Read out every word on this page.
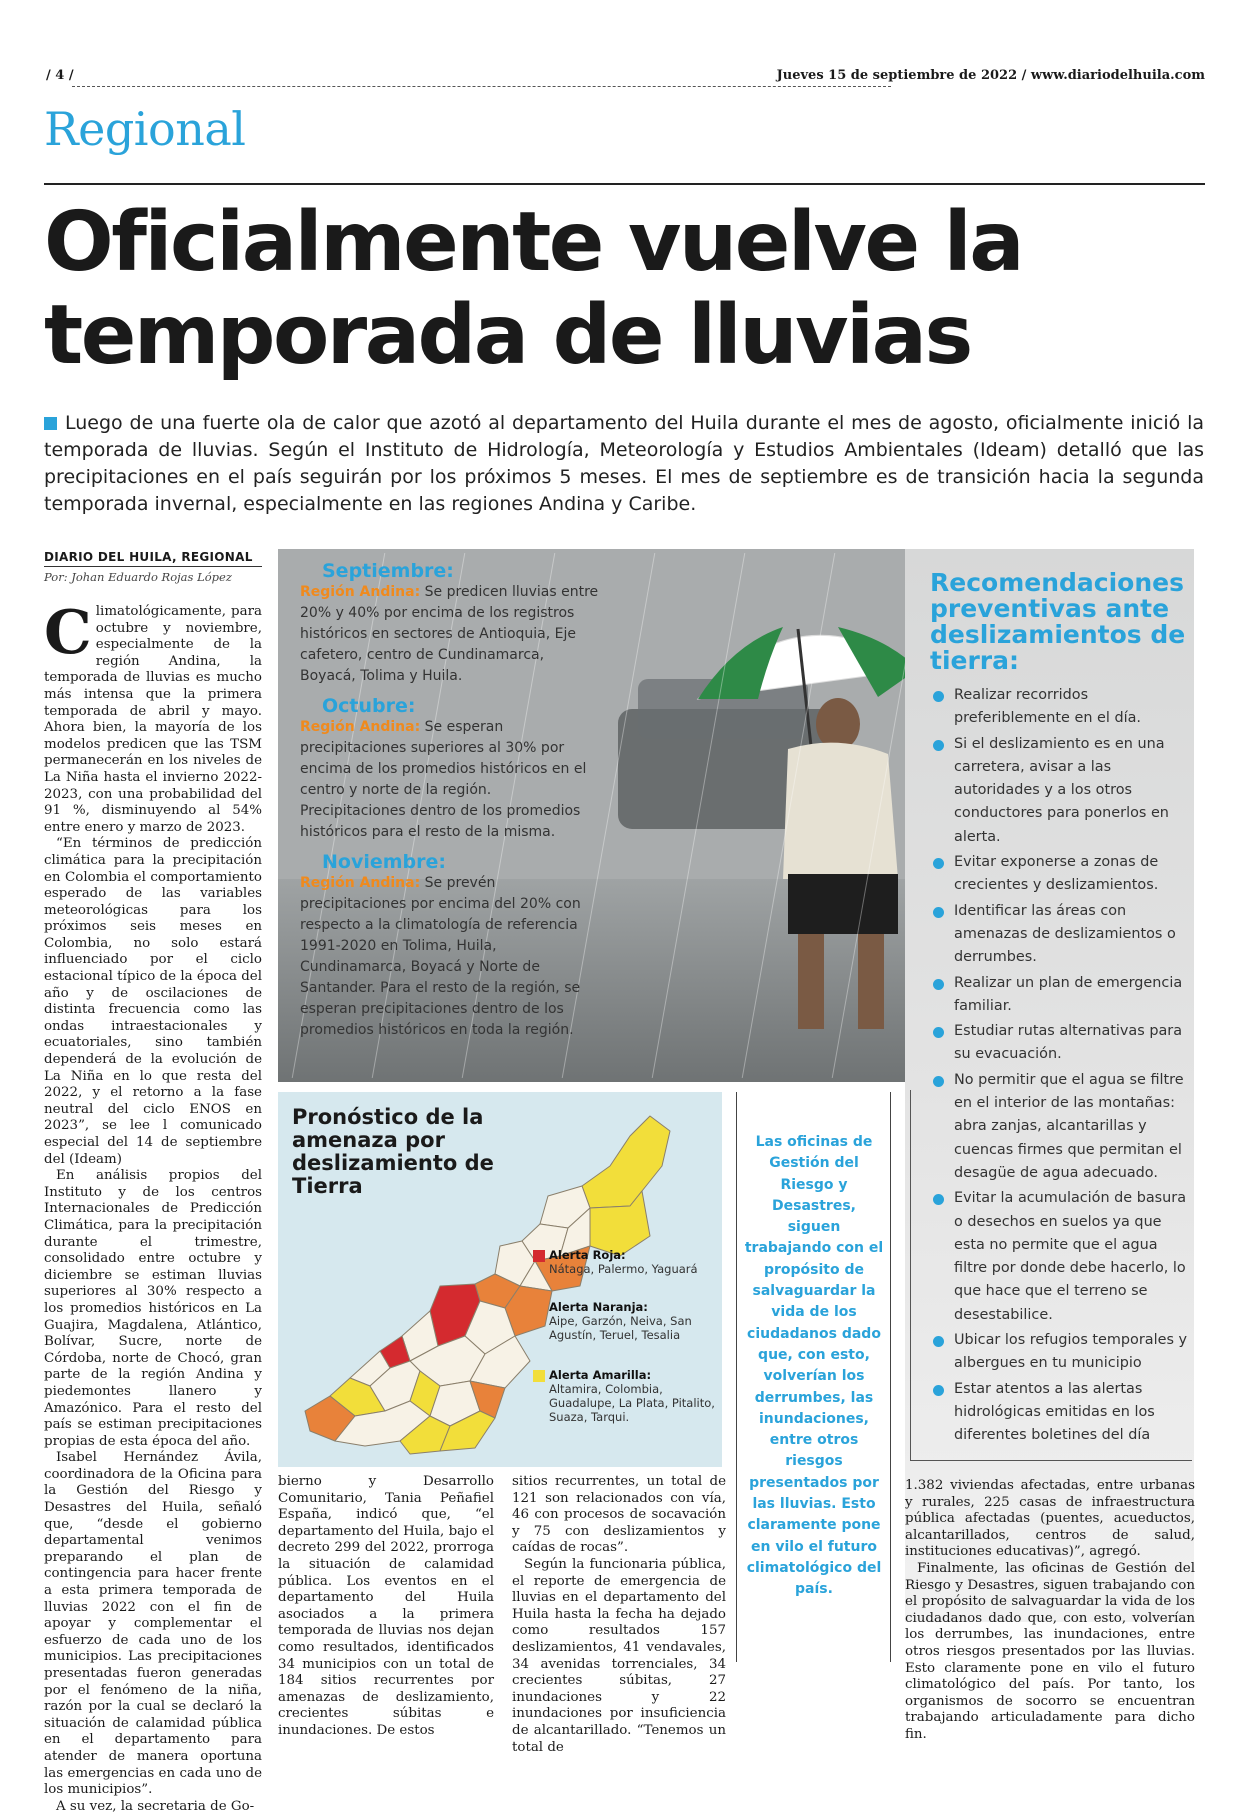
/ 4 /	Jueves 15 de septiembre de 2022 / www.diariodelhuila.com
Regional
Oficialmente vuelve la
temporada de lluvias

Luego de una fuerte ola de calor que azotó al departamento del Huila durante el mes de agosto, oficialmente inició la temporada de lluvias. Según el Instituto de Hidrología, Meteorología y Estudios Ambientales (Ideam) detalló que las precipitaciones en el país seguirán por los próximos 5 meses. El mes de septiembre es de transición hacia la segunda temporada invernal, especialmente en las regiones Andina y Caribe.

DIARIO DEL HUILA, REGIONAL
Por: Johan Eduardo Rojas López

Climatológicamente, para octubre y noviembre, especialmente de la región Andina, la temporada de lluvias es mucho más intensa que la primera temporada de abril y mayo. Ahora bien, la mayoría de los modelos predicen que las TSM permanecerán en los niveles de La Niña hasta el invierno 2022-2023, con una probabilidad del 91 %, disminuyendo al 54% entre enero y marzo de 2023.

“En términos de predicción climática para la precipitación en Colombia el comportamiento esperado de las variables meteorológicas para los próximos seis meses en Colombia, no solo estará influenciado por el ciclo estacional típico de la época del año y de oscilaciones de distinta frecuencia como las ondas intraestacionales y ecuatoriales, sino también dependerá de la evolución de La Niña en lo que resta del 2022, y el retorno a la fase neutral del ciclo ENOS en 2023”, se lee l comunicado especial del 14 de septiembre del (Ideam)

En análisis propios del Instituto y de los centros Internacionales de Predicción Climática, para la precipitación durante el trimestre, consolidado entre octubre y diciembre se estiman lluvias superiores al 30% respecto a los promedios históricos en La Guajira, Magdalena, Atlántico, Bolívar, Sucre, norte de Córdoba, norte de Chocó, gran parte de la región Andina y piedemontes llanero y Amazónico. Para el resto del país se estiman precipitaciones propias de esta época del año.

Isabel Hernández Ávila, coordinadora de la Oficina para la Gestión del Riesgo y Desastres del Huila, señaló que, “desde el gobierno departamental venimos preparando el plan de contingencia para hacer frente a esta primera temporada de lluvias 2022 con el fin de apoyar y complementar el esfuerzo de cada uno de los municipios. Las precipitaciones presentadas fueron generadas por el fenómeno de la niña, razón por la cual se declaró la situación de calamidad pública en el departamento para atender de manera oportuna las emergencias en cada uno de los municipios”.

A su vez, la secretaria de Go-

Septiembre:

Región Andina: Se predicen lluvias entre 20% y 40% por encima de los registros históricos en sectores de Antioquia, Eje cafetero, centro de Cundinamarca, Boyacá, Tolima y Huila.

Octubre:

Región Andina: Se esperan precipitaciones superiores al 30% por encima de los promedios históricos en el centro y norte de la región. Precipitaciones dentro de los promedios históricos para el resto de la misma.

Noviembre:

Región Andina: Se prevén precipitaciones por encima del 20% con respecto a la climatología de referencia 1991-2020 en Tolima, Huila, Cundinamarca, Boyacá y Norte de Santander. Para el resto de la región, se esperan precipitaciones dentro de los promedios históricos en toda la región.

Recomendaciones preventivas ante deslizamientos de tierra:
Realizar recorridos preferiblemente en el día.
Si el deslizamiento es en una carretera, avisar a las autoridades y a los otros conductores para ponerlos en alerta.
Evitar exponerse a zonas de crecientes y deslizamientos.
Identificar las áreas con amenazas de deslizamientos o derrumbes.
Realizar un plan de emergencia familiar.
Estudiar rutas alternativas para su evacuación.
No permitir que el agua se filtre en el interior de las montañas: abra zanjas, alcantarillas y cuencas firmes que permitan el desagüe de agua adecuado.
Evitar la acumulación de basura o desechos en suelos ya que esta no permite que el agua filtre por donde debe hacerlo, lo que hace que el terreno se desestabilice.
Ubicar los refugios temporales y albergues en tu municipio
Estar atentos a las alertas hidrológicas emitidas en los diferentes boletines del día
Pronóstico de la amenaza por deslizamiento de Tierra
Alerta Roja:
Nátaga, Palermo, Yaguará
Alerta Naranja:
Aipe, Garzón, Neiva, San Agustín, Teruel, Tesalia
Alerta Amarilla:
Altamira, Colombia, Guadalupe, La Plata, Pitalito, Suaza, Tarqui.

Las oficinas de Gestión del Riesgo y Desastres, siguen trabajando con el propósito de salvaguardar la vida de los ciudadanos dado que, con esto, volverían los derrumbes, las inundaciones, entre otros riesgos presentados por las lluvias. Esto claramente pone en vilo el futuro climatológico del país.

bierno y Desarrollo Comunitario, Tania Peñafiel España, indicó que, “el departamento del Huila, bajo el decreto 299 del 2022, prorroga la situación de calamidad pública. Los eventos en el departamento del Huila asociados a la primera temporada de lluvias nos dejan como resultados, identificados 34 municipios con un total de 184 sitios recurrentes por amenazas de deslizamiento, crecientes súbitas e inundaciones. De estos

sitios recurrentes, un total de 121 son relacionados con vía, 46 con procesos de socavación y 75 con deslizamientos y caídas de rocas”.

Según la funcionaria pública, el reporte de emergencia de lluvias en el departamento del Huila hasta la fecha ha dejado como resultados 157 deslizamientos, 41 vendavales, 34 avenidas torrenciales, 34 crecientes súbitas, 27 inundaciones y 22 inundaciones por insuficiencia de alcantarillado. “Tenemos un total de

1.382 viviendas afectadas, entre urbanas y rurales, 225 casas de infraestructura pública afectadas (puentes, acueductos, alcantarillados, centros de salud, instituciones educativas)”, agregó.

Finalmente, las oficinas de Gestión del Riesgo y Desastres, siguen trabajando con el propósito de salvaguardar la vida de los ciudadanos dado que, con esto, volverían los derrumbes, las inundaciones, entre otros riesgos presentados por las lluvias. Esto claramente pone en vilo el futuro climatológico del país. Por tanto, los organismos de socorro se encuentran trabajando articuladamente para dicho fin.
